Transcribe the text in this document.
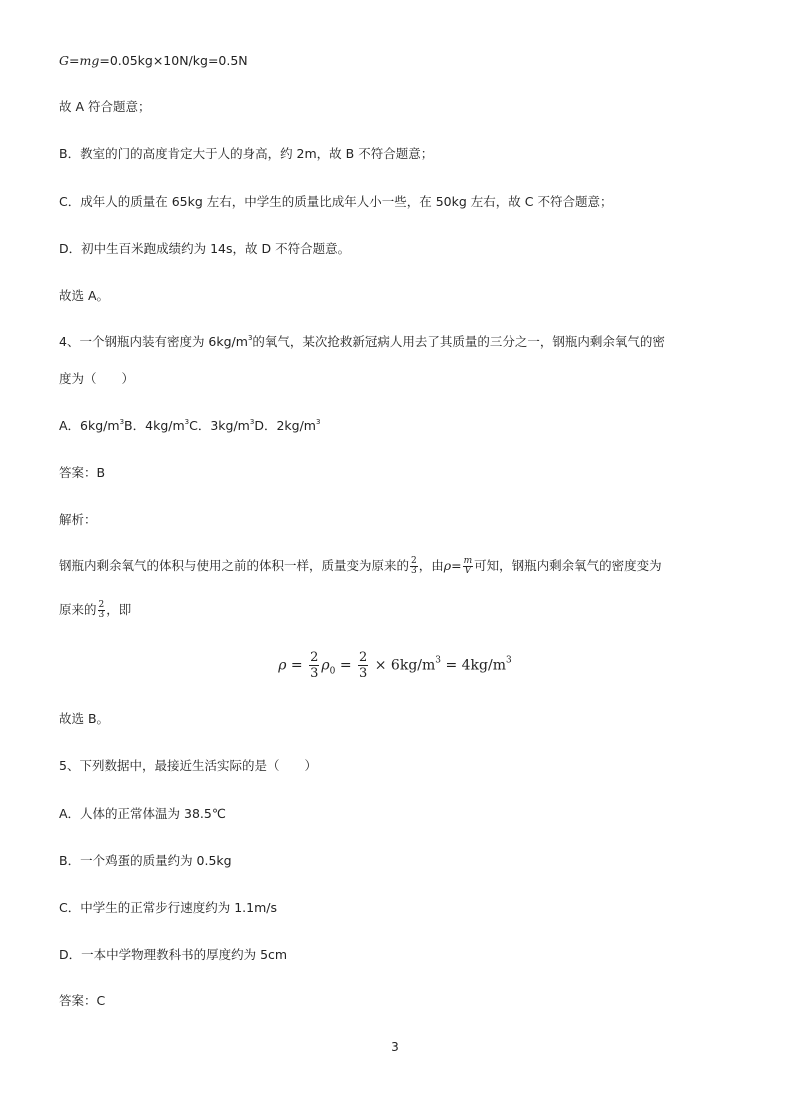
G=mg=0.05kg×10N/kg=0.5N
故 A 符合题意；
B．教室的门的高度肯定大于人的身高，约 2m，故 B 不符合题意；
C．成年人的质量在 65kg 左右，中学生的质量比成年人小一些，在 50kg 左右，故 C 不符合题意；
D．初中生百米跑成绩约为 14s，故 D 不符合题意。
故选 A。
4、一个钢瓶内装有密度为 $6kg/m^3$的氧气，某次抢救新冠病人用去了其质量的三分之一，钢瓶内剩余氧气的密
度为（　　）
A．$6kg/m^3B$．$4kg/m^3C$．$3kg/m^3D$．$2kg/m^3$
答案：B
解析：
钢瓶内剩余氧气的体积与使用之前的体积一样，质量变为原来的 $\frac{2}{3}$ ，由$\rho= \frac{m}{V}$ 可知，钢瓶内剩余氧气的密度变为
原来的 $\frac{2}{3}$ ，即
$\rho = \frac{2}{3} \rho_0 = \frac{2}{3} \times 6kg/m^3 = 4kg/m^3$
故选 B。
5、下列数据中，最接近生活实际的是（　　）
A．人体的正常体温为 38.5℃
B．一个鸡蛋的质量约为 0.5kg
C．中学生的正常步行速度约为 1.1m/s
D．一本中学物理教科书的厚度约为 5cm
答案：C
3
